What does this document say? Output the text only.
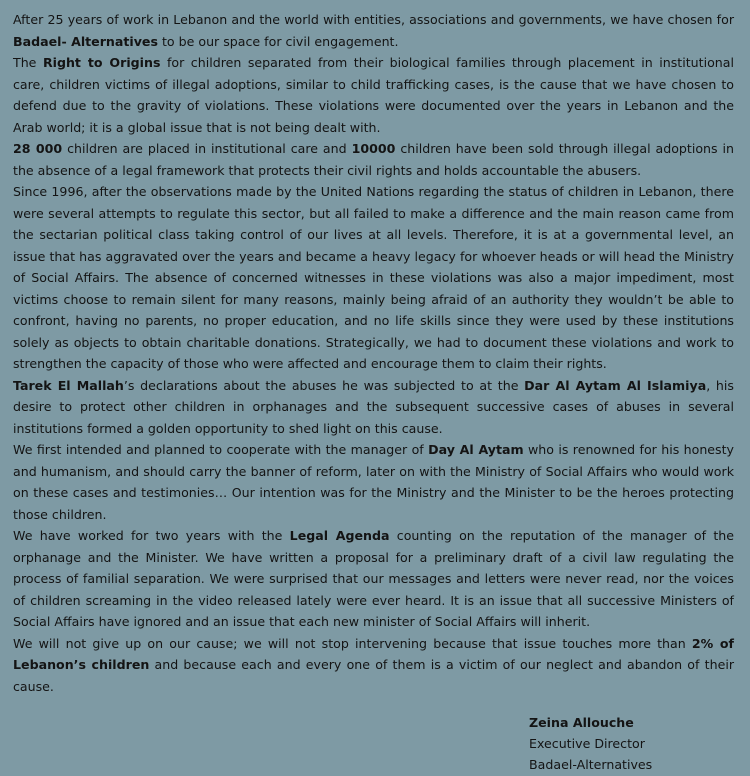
After 25 years of work in Lebanon and the world with entities, associations and governments, we have chosen for Badael- Alternatives to be our space for civil engagement.

The Right to Origins for children separated from their biological families through placement in institutional care, children victims of illegal adoptions, similar to child trafficking cases, is the cause that we have chosen to defend due to the gravity of violations. These violations were documented over the years in Lebanon and the Arab world; it is a global issue that is not being dealt with.

28 000 children are placed in institutional care and 10000 children have been sold through illegal adoptions in the absence of a legal framework that protects their civil rights and holds accountable the abusers.

Since 1996, after the observations made by the United Nations regarding the status of children in Lebanon, there were several attempts to regulate this sector, but all failed to make a difference and the main reason came from the sectarian political class taking control of our lives at all levels. Therefore, it is at a governmental level, an issue that has aggravated over the years and became a heavy legacy for whoever heads or will head the Ministry of Social Affairs. The absence of concerned witnesses in these violations was also a major impediment, most victims choose to remain silent for many reasons, mainly being afraid of an authority they wouldn’t be able to confront, having no parents, no proper education, and no life skills since they were used by these institutions solely as objects to obtain charitable donations. Strategically, we had to document these violations and work to strengthen the capacity of those who were affected and encourage them to claim their rights.

Tarek El Mallah’s declarations about the abuses he was subjected to at the Dar Al Aytam Al Islamiya, his desire to protect other children in orphanages and the subsequent successive cases of abuses in several institutions formed a golden opportunity to shed light on this cause.

We first intended and planned to cooperate with the manager of Day Al Aytam who is renowned for his honesty and humanism, and should carry the banner of reform, later on with the Ministry of Social Affairs who would work on these cases and testimonies… Our intention was for the Ministry and the Minister to be the heroes protecting those children.

We have worked for two years with the Legal Agenda counting on the reputation of the manager of the orphanage and the Minister. We have written a proposal for a preliminary draft of a civil law regulating the process of familial separation. We were surprised that our messages and letters were never read, nor the voices of children screaming in the video released lately were ever heard. It is an issue that all successive Ministers of Social Affairs have ignored and an issue that each new minister of Social Affairs will inherit.

We will not give up on our cause; we will not stop intervening because that issue touches more than 2% of Lebanon’s children and because each and every one of them is a victim of our neglect and abandon of their cause.

Zeina Allouche
Executive Director
Badael-Alternatives
